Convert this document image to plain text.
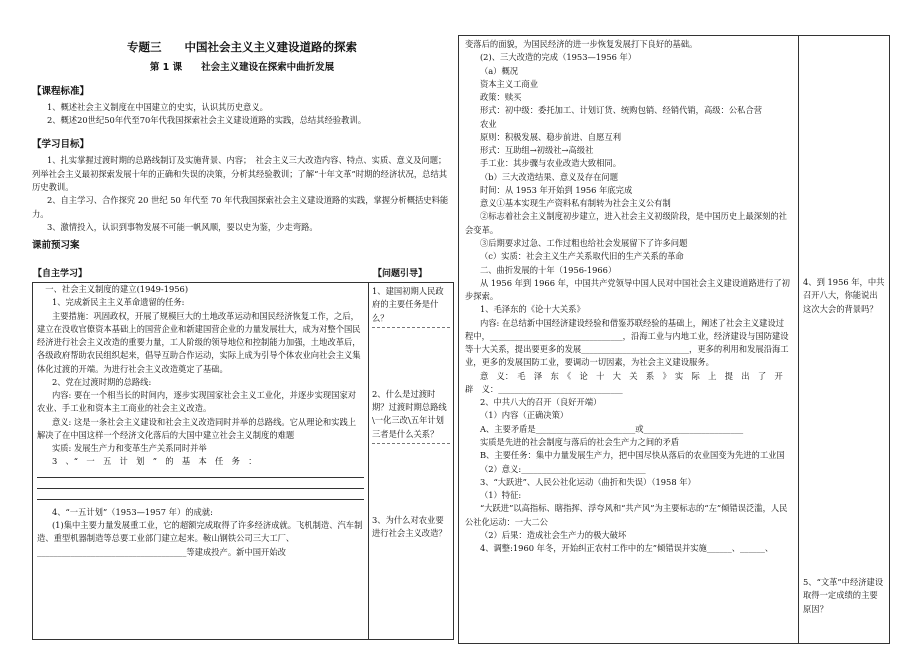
专题三　　中国社会主义主义建设道路的探索
第 1 课　　社会主义建设在探索中曲折发展
【课程标准】

1、概述社会主义制度在中国建立的史实，认识其历史意义。

2、概述20世纪50年代至70年代我国探索社会主义建设道路的实践，总结其经验教训。

【学习目标】

1、扎实掌握过渡时期的总路线制订及实施背景、内容；　社会主义三大改造内容、特点、实质、意义及问题；列举社会主义最初探索发展十年的正确和失误的决策，分析其经验教训；了解“十年文革”时期的经济状况，总结其历史教训。

2、自主学习、合作探究 20 世纪 50 年代至 70 年代我国探索社会主义建设道路的实践，掌握分析概括史料能力。

3、激情投入，认识到事物发展不可能一帆风顺，要以史为鉴，少走弯路。

课前预习案
【自主学习】

一、社会主义制度的建立(1949-1956)

1、完成新民主主义革命遗留的任务:

主要措施：巩固政权，开展了规模巨大的土地改革运动和国民经济恢复工作，之后，建立在没收官僚资本基础上的国营企业和新建国营企业的力量发展壮大，成为对整个国民经济进行社会主义改造的重要力量，工人阶级的领导地位和控制能力加强，土地改革后，各级政府帮助农民组织起来，倡导互助合作运动，实际上成为引导个体农业向社会主义集体化过渡的开端。为进行社会主义改造奠定了基础。

2、党在过渡时期的总路线:

内容: 要在一个相当长的时间内，逐步实现国家社会主义工业化，并逐步实现国家对农业、手工业和资本主工商业的社会主义改造。

意义: 这是一条社会主义建设和社会主义改造同时并举的总路线。它从理论和实践上解决了在中国这样一个经济文化落后的大国中建立社会主义制度的难题

实质: 发展生产力和变革生产关系同时并举

3　、“　一　五　计　划　”　的　基　本　任　务　：

4、“一五计划”（1953—1957 年）的成就:

(1)集中主要力量发展重工业，它的超额完成取得了许多经济成就。飞机制造、汽车制造、重型机器制造等总要工业部门建立起来。鞍山钢铁公司三大工厂、____________________________________等建成投产。新中国开始改

【问题引导】
1、建国初期人民政府的主要任务是什么？
2、什么是过渡时期？过渡时期总路线\一化三改\五年计划三者是什么关系？
3、为什么对农业要进行社会主义改造？

变落后的面貌，为国民经济的进一步恢复发展打下良好的基础。

(2)、三大改造的完成（1953—1956 年）

（a）概况

资本主义工商业

政策：赎买

形式：初中级：委托加工、计划订货、统购包销、经销代销，高级：公私合营

农业

原则：积极发展、稳步前进、自愿互利

形式：互助组→初级社→高级社

手工业：其步骤与农业改造大致相同。

（b）三大改造结果、意义及存在问题

时间：从 1953 年开始到 1956 年底完成

意义①基本实现生产资料私有制转为社会主义公有制

②标志着社会主义制度初步建立，进入社会主义初级阶段，是中国历史上最深刻的社会变革。

③后期要求过急、工作过粗也给社会发展留下了许多问题

（c）实质：社会主义生产关系取代旧的生产关系的革命

二、曲折发展的十年（1956-1966）

从 1956 年到 1966 年，中国共产党领导中国人民对中国社会主义建设道路进行了初步探索。

1、毛泽东的《论十大关系》

内容: 在总结新中国经济建设经验和借鉴苏联经验的基础上，阐述了社会主义建设过程中，________________________________，沿海工业与内地工业，经济建设与国防建设等十大关系，提出要更多的发展__________________________，更多的利用和发展沿海工业，更多的发展国防工业，要调动一切因素，为社会主义建设服务。

意　义：　毛　泽　东　《　论　十　大　关　系　》　实　际　上　提　出　了　开　辟　义：______________________________

2、中共八大的召开（良好开端）

（1）内容（正确决策）

A、主要矛盾是________________________或________________________

实质是先进的社会制度与落后的社会生产力之间的矛盾

B、主要任务：集中力量发展生产力，把中国尽快从落后的农业国变为先进的工业国

（2）意义:______________________________

3、“大跃进”、人民公社化运动（曲折和失误）（1958 年）

（1）特征:

“大跃进”以高指标、瞎指挥、浮夸风和“共产风”为主要标志的“左”倾错误泛滥，人民公社化运动：一大二公

（2）后果：造成社会生产力的极大破坏

4、调整:1960 年冬，开始纠正农村工作中的左”倾错误并实施______、______、

4、到 1956 年，中共召开八大，你能说出这次大会的背景吗？
5、“文革”中经济建设取得一定成绩的主要原因？
